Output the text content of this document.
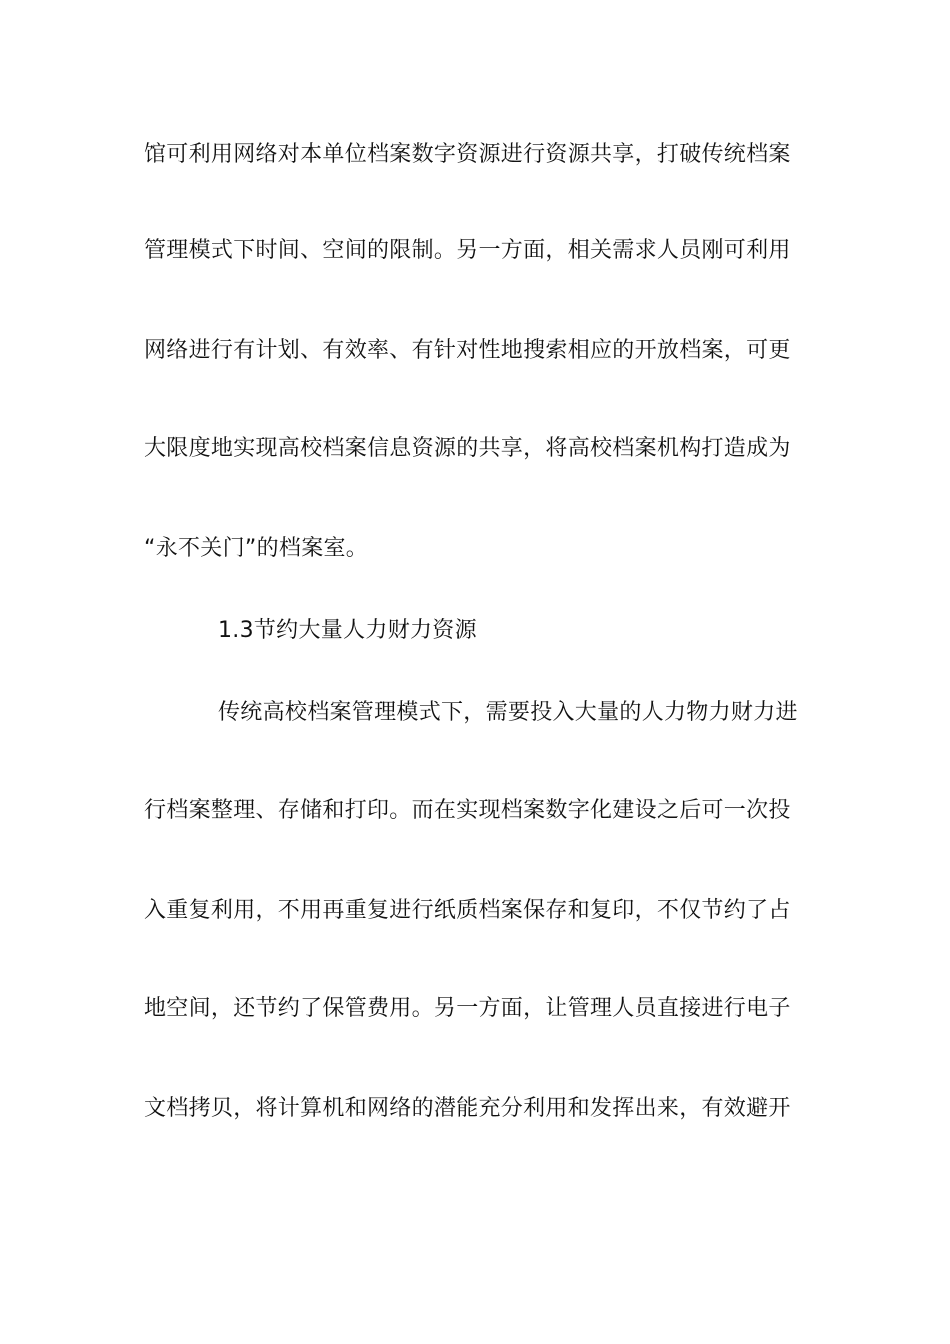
馆可利用网络对本单位档案数字资源进行资源共享，打破传统档案
管理模式下时间、空间的限制。另一方面，相关需求人员刚可利用
网络进行有计划、有效率、有针对性地搜索相应的开放档案，可更
大限度地实现高校档案信息资源的共享，将高校档案机构打造成为
“永不关门”的档案室。
1.3节约大量人力财力资源
传统高校档案管理模式下，需要投入大量的人力物力财力进
行档案整理、存储和打印。而在实现档案数字化建设之后可一次投
入重复利用，不用再重复进行纸质档案保存和复印，不仅节约了占
地空间，还节约了保管费用。另一方面，让管理人员直接进行电子
文档拷贝，将计算机和网络的潜能充分利用和发挥出来，有效避开
